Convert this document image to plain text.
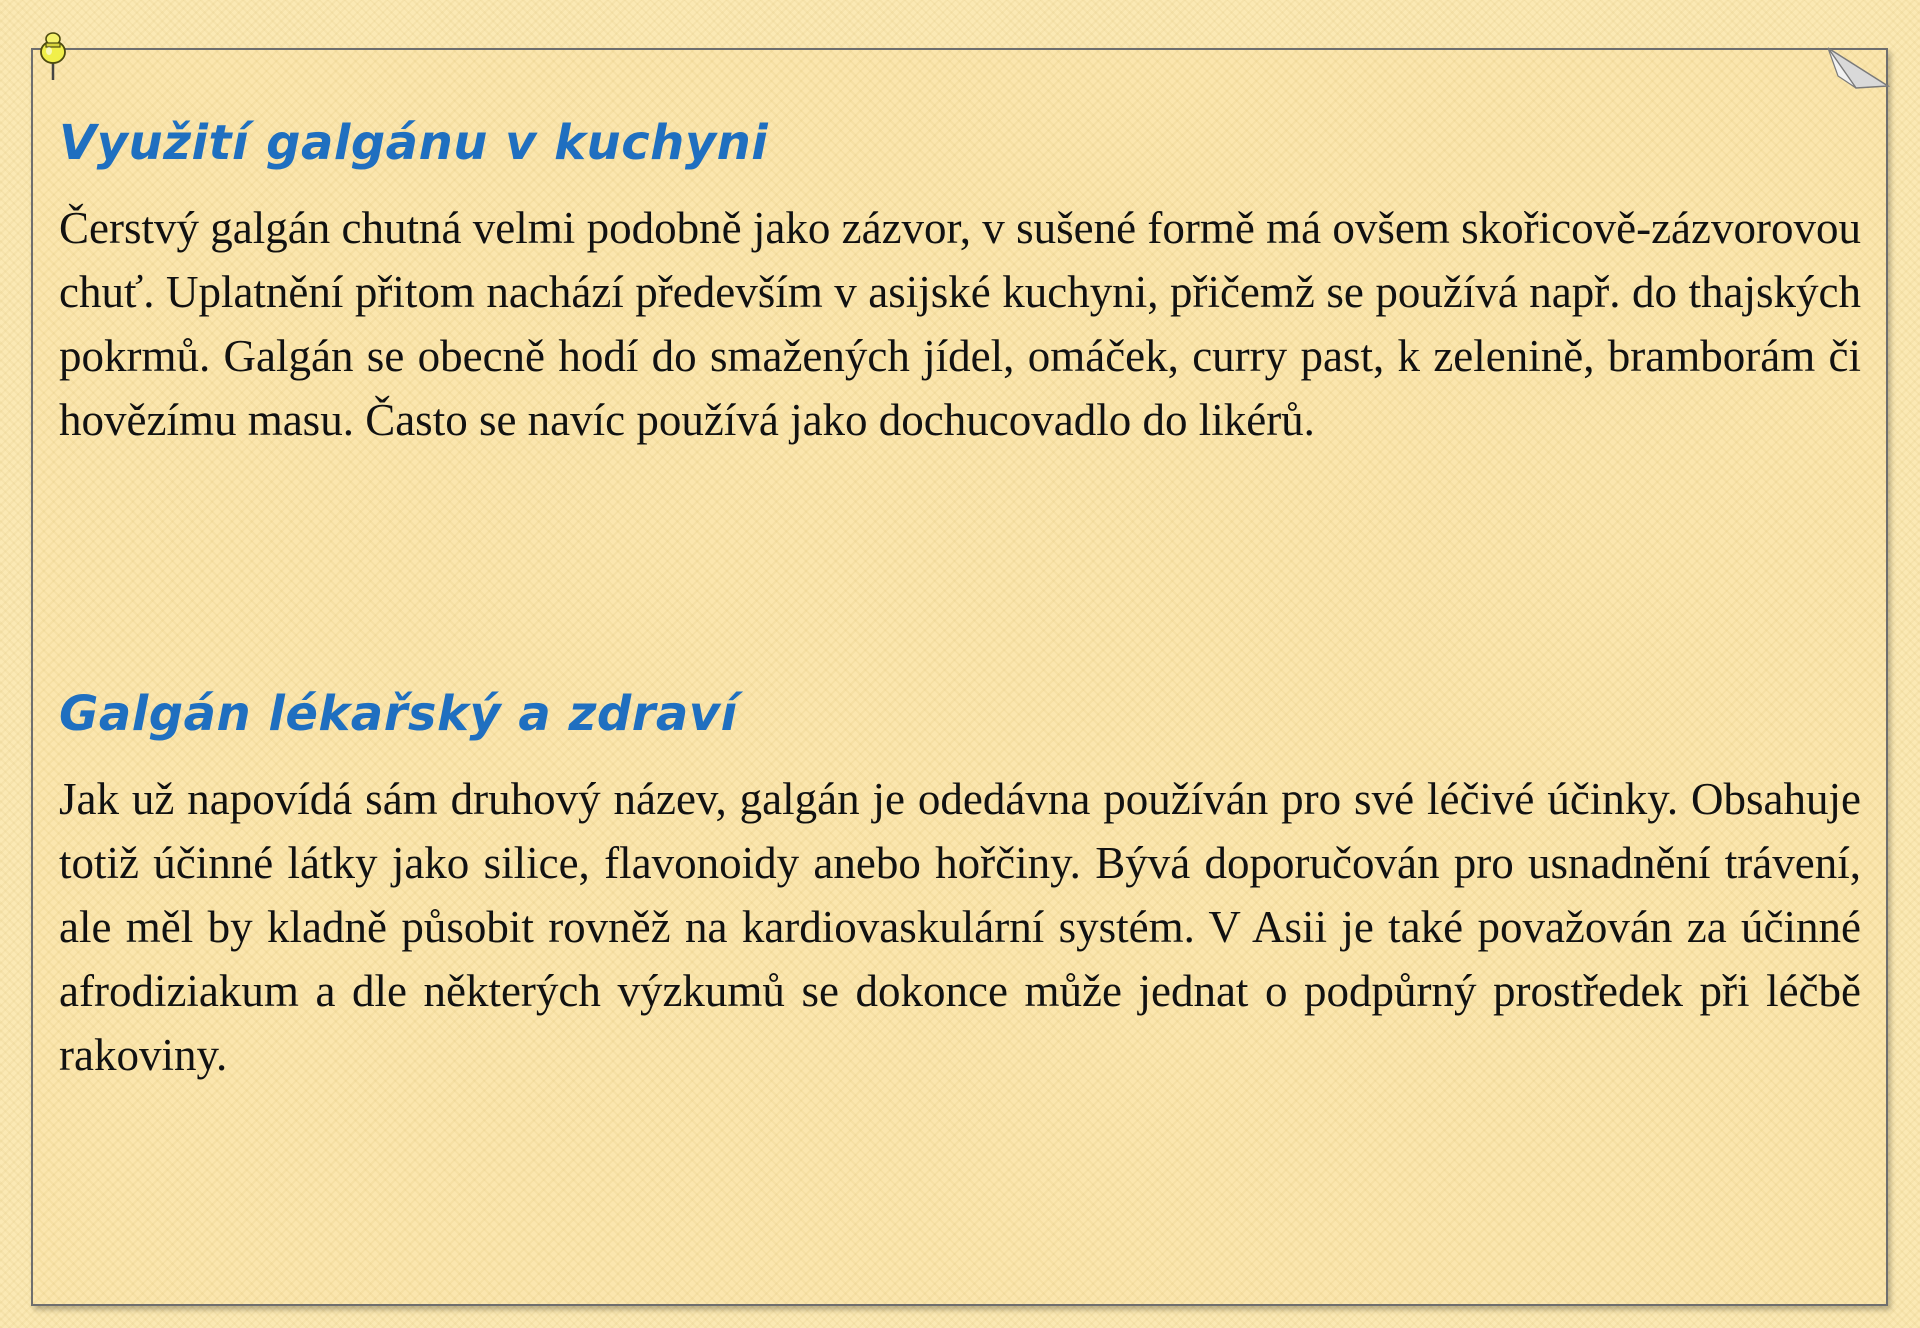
Využití galgánu v kuchyni

Čerstvý galgán chutná velmi podobně jako zázvor, v sušené formě má ovšem skořicově-zázvorovou chuť. Uplatnění přitom nachází především v asijské kuchyni, přičemž se používá např. do thajských pokrmů. Galgán se obecně hodí do smažených jídel, omáček, curry past, k zelenině, bramborám či hovězímu masu. Často se navíc používá jako dochucovadlo do likérů.

Galgán lékařský a zdraví

Jak už napovídá sám druhový název, galgán je odedávna používán pro své léčivé účinky. Obsahuje totiž účinné látky jako silice, flavonoidy anebo hořčiny. Bývá doporučován pro usnadnění trávení, ale měl by kladně působit rovněž na kardiovaskulární systém. V Asii je také považován za účinné afrodiziakum a dle některých výzkumů se dokonce může jednat o podpůrný prostředek při léčbě rakoviny.
